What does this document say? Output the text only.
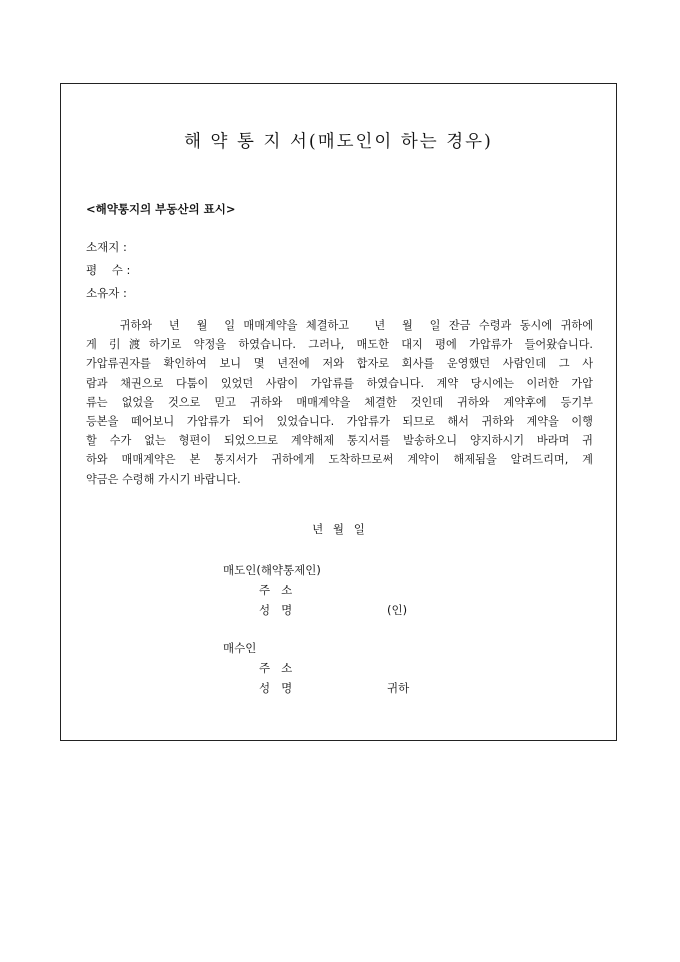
해 약 통 지 서(매도인이 하는 경우)
<해약통지의 부동산의 표시>
소재지 :
평    수 :
소유자 :
귀하와  년  월  일 매매계약을 체결하고   년  월  일 잔금 수령과 동시에 귀하에
게 引渡하기로 약정을 하였습니다. 그러나, 매도한 대지 평에 가압류가 들어왔습니다.
가압류권자를 확인하여 보니 몇 년전에 저와 합자로 회사를 운영했던 사람인데 그 사
람과 채권으로 다툼이 있었던 사람이 가압류를 하였습니다. 계약 당시에는 이러한 가압
류는 없었을 것으로 믿고 귀하와 매매계약을 체결한 것인데 귀하와 계약후에 등기부
등본을 떼어보니 가압류가 되어 있었습니다. 가압류가 되므로 해서 귀하와 계약을 이행
할 수가 없는 형편이 되었으므로 계약해제 통지서를 발송하오니 양지하시기 바라며 귀
하와 매매계약은 본 통지서가 귀하에게 도착하므로써 계약이 해제됨을 알려드리며, 계
약금은 수령해 가시기 바랍니다.
년 월 일
매도인(해약통제인)
주소
성명	(인)
매수인
주소
성명	귀하
